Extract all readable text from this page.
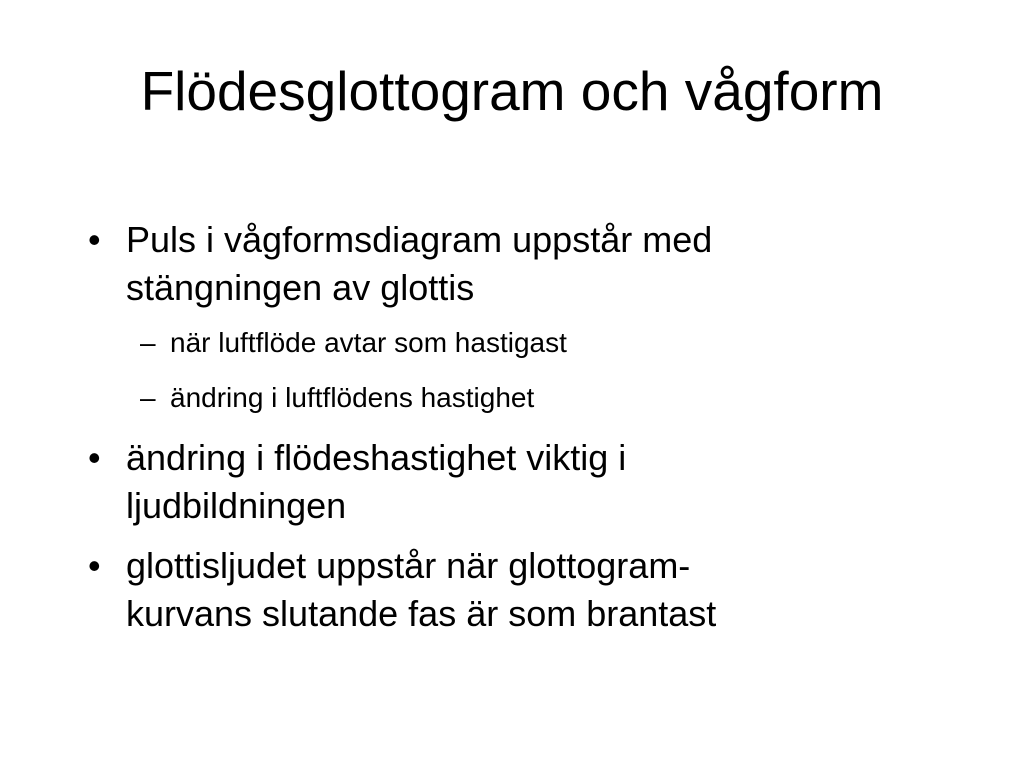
Flödesglottogram och vågform
• Puls i vågformsdiagram uppstår med
stängningen av glottis
– när luftflöde avtar som hastigast
– ändring i luftflödens hastighet
• ändring i flödeshastighet viktig i
ljudbildningen
• glottisljudet uppstår när glottogram-
kurvans slutande fas är som brantast
